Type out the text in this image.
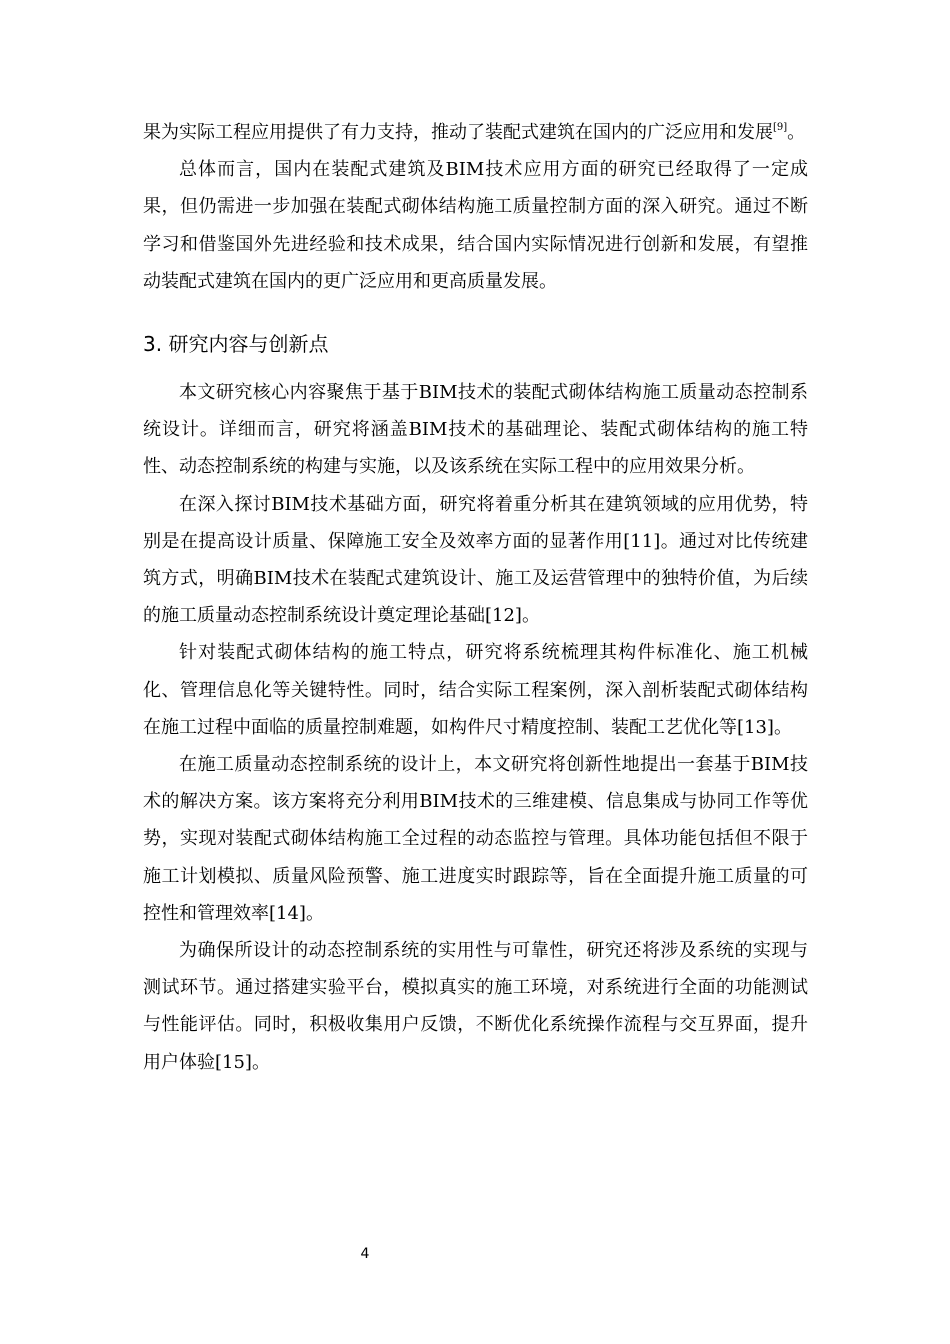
果为实际工程应用提供了有力支持，推动了装配式建筑在国内的广泛应用和发展[9]。

总体而言，国内在装配式建筑及BIM技术应用方面的研究已经取得了一定成果，但仍需进一步加强在装配式砌体结构施工质量控制方面的深入研究。通过不断学习和借鉴国外先进经验和技术成果，结合国内实际情况进行创新和发展，有望推动装配式建筑在国内的更广泛应用和更高质量发展。

3. 研究内容与创新点

本文研究核心内容聚焦于基于BIM技术的装配式砌体结构施工质量动态控制系统设计。详细而言，研究将涵盖BIM技术的基础理论、装配式砌体结构的施工特性、动态控制系统的构建与实施，以及该系统在实际工程中的应用效果分析。

在深入探讨BIM技术基础方面，研究将着重分析其在建筑领域的应用优势，特别是在提高设计质量、保障施工安全及效率方面的显著作用[11]。通过对比传统建筑方式，明确BIM技术在装配式建筑设计、施工及运营管理中的独特价值，为后续的施工质量动态控制系统设计奠定理论基础[12]。

针对装配式砌体结构的施工特点，研究将系统梳理其构件标准化、施工机械化、管理信息化等关键特性。同时，结合实际工程案例，深入剖析装配式砌体结构在施工过程中面临的质量控制难题，如构件尺寸精度控制、装配工艺优化等[13]。

在施工质量动态控制系统的设计上，本文研究将创新性地提出一套基于BIM技术的解决方案。该方案将充分利用BIM技术的三维建模、信息集成与协同工作等优势，实现对装配式砌体结构施工全过程的动态监控与管理。具体功能包括但不限于施工计划模拟、质量风险预警、施工进度实时跟踪等，旨在全面提升施工质量的可控性和管理效率[14]。

为确保所设计的动态控制系统的实用性与可靠性，研究还将涉及系统的实现与测试环节。通过搭建实验平台，模拟真实的施工环境，对系统进行全面的功能测试与性能评估。同时，积极收集用户反馈，不断优化系统操作流程与交互界面，提升用户体验[15]。

4
